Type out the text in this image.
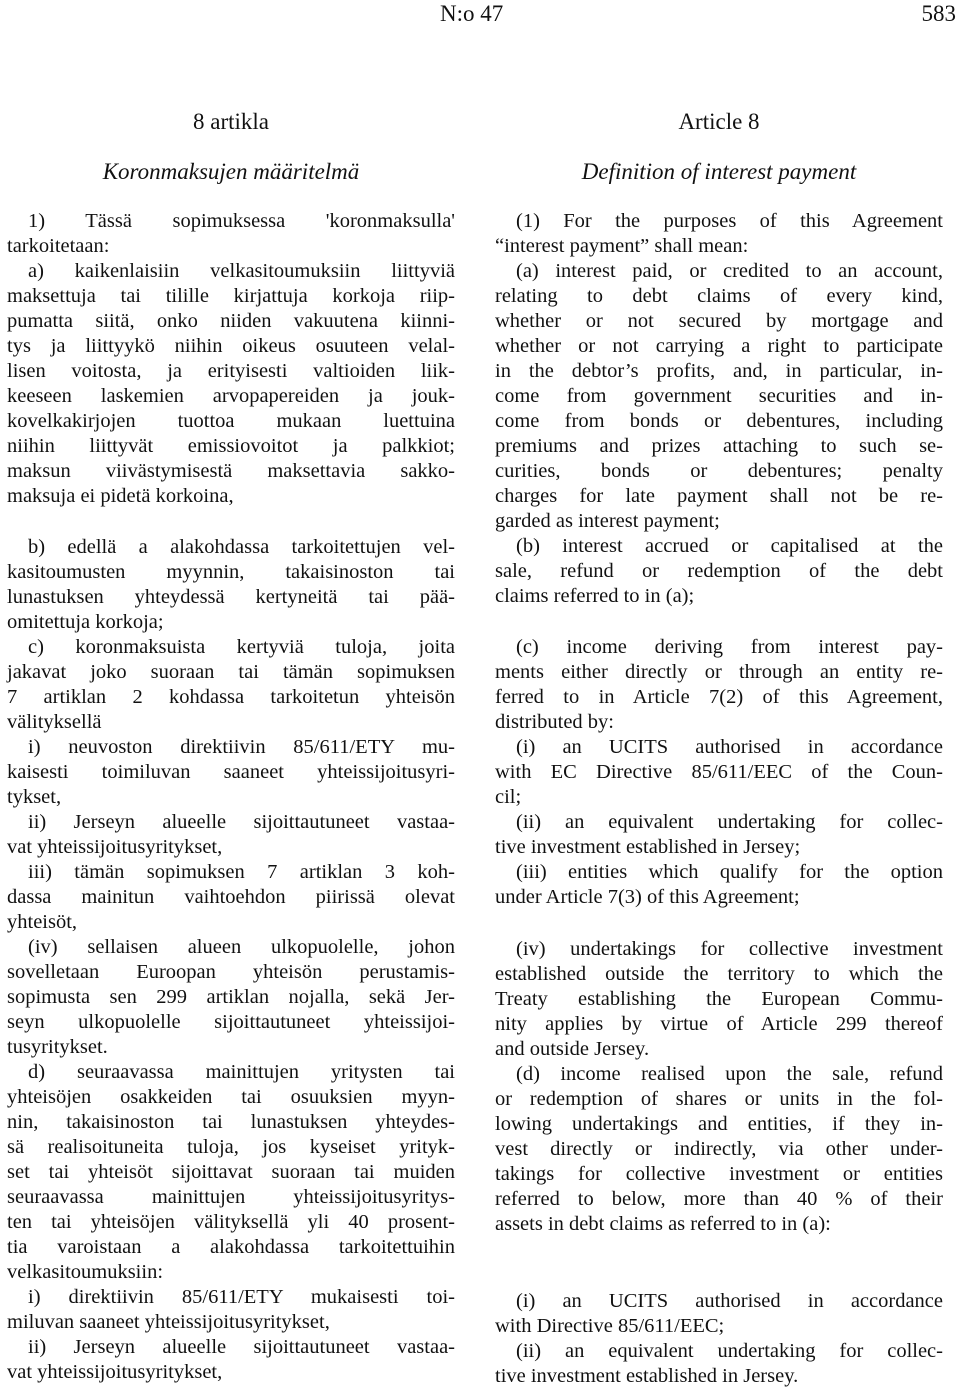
N:o 47	583
8 artikla
Koronmaksujen määritelmä
1) Tässä sopimuksessa 'koronmaksulla'
tarkoitetaan:
a) kaikenlaisiin velkasitoumuksiin liittyviä
maksettuja tai tilille kirjattuja korkoja riip-
pumatta siitä, onko niiden vakuutena kiinni-
tys ja liittyykö niihin oikeus osuuteen velal-
lisen voitosta, ja erityisesti valtioiden liik-
keeseen laskemien arvopapereiden ja jouk-
kovelkakirjojen tuottoa mukaan luettuina
niihin liittyvät emissiovoitot ja palkkiot;
maksun viivästymisestä maksettavia sakko-
maksuja ei pidetä korkoina,
b) edellä a alakohdassa tarkoitettujen vel-
kasitoumusten myynnin, takaisinoston tai
lunastuksen yhteydessä kertyneitä tai pää-
omitettuja korkoja;
c) koronmaksuista kertyviä tuloja, joita
jakavat joko suoraan tai tämän sopimuksen
7 artiklan 2 kohdassa tarkoitetun yhteisön
välityksellä
i) neuvoston direktiivin 85/611/ETY mu-
kaisesti toimiluvan saaneet yhteissijoitusyri-
tykset,
ii) Jerseyn alueelle sijoittautuneet vastaa-
vat yhteissijoitusyritykset,
iii) tämän sopimuksen 7 artiklan 3 koh-
dassa mainitun vaihtoehdon piirissä olevat
yhteisöt,
(iv) sellaisen alueen ulkopuolelle, johon
sovelletaan Euroopan yhteisön perustamis-
sopimusta sen 299 artiklan nojalla, sekä Jer-
seyn ulkopuolelle sijoittautuneet yhteissijoi-
tusyritykset.
d) seuraavassa mainittujen yritysten tai
yhteisöjen osakkeiden tai osuuksien myyn-
nin, takaisinoston tai lunastuksen yhteydes-
sä realisoituneita tuloja, jos kyseiset yrityk-
set tai yhteisöt sijoittavat suoraan tai muiden
seuraavassa mainittujen yhteissijoitusyritys-
ten tai yhteisöjen välityksellä yli 40 prosent-
tia varoistaan a alakohdassa tarkoitettuihin
velkasitoumuksiin:
i) direktiivin 85/611/ETY mukaisesti toi-
miluvan saaneet yhteissijoitusyritykset,
ii) Jerseyn alueelle sijoittautuneet vastaa-
vat yhteissijoitusyritykset,
Article 8
Definition of interest payment
(1) For the purposes of this Agreement
“interest payment” shall mean:
(a) interest paid, or credited to an account,
relating to debt claims of every kind,
whether or not secured by mortgage and
whether or not carrying a right to participate
in the debtor’s profits, and, in particular, in-
come from government securities and in-
come from bonds or debentures, including
premiums and prizes attaching to such se-
curities, bonds or debentures; penalty
charges for late payment shall not be re-
garded as interest payment;
(b) interest accrued or capitalised at the
sale, refund or redemption of the debt
claims referred to in (a);
(c) income deriving from interest pay-
ments either directly or through an entity re-
ferred to in Article 7(2) of this Agreement,
distributed by:
(i) an UCITS authorised in accordance
with EC Directive 85/611/EEC of the Coun-
cil;
(ii) an equivalent undertaking for collec-
tive investment established in Jersey;
(iii) entities which qualify for the option
under Article 7(3) of this Agreement;
(iv) undertakings for collective investment
established outside the territory to which the
Treaty establishing the European Commu-
nity applies by virtue of Article 299 thereof
and outside Jersey.
(d) income realised upon the sale, refund
or redemption of shares or units in the fol-
lowing undertakings and entities, if they in-
vest directly or indirectly, via other under-
takings for collective investment or entities
referred to below, more than 40 % of their
assets in debt claims as referred to in (a):
(i) an UCITS authorised in accordance
with Directive 85/611/EEC;
(ii) an equivalent undertaking for collec-
tive investment established in Jersey.
